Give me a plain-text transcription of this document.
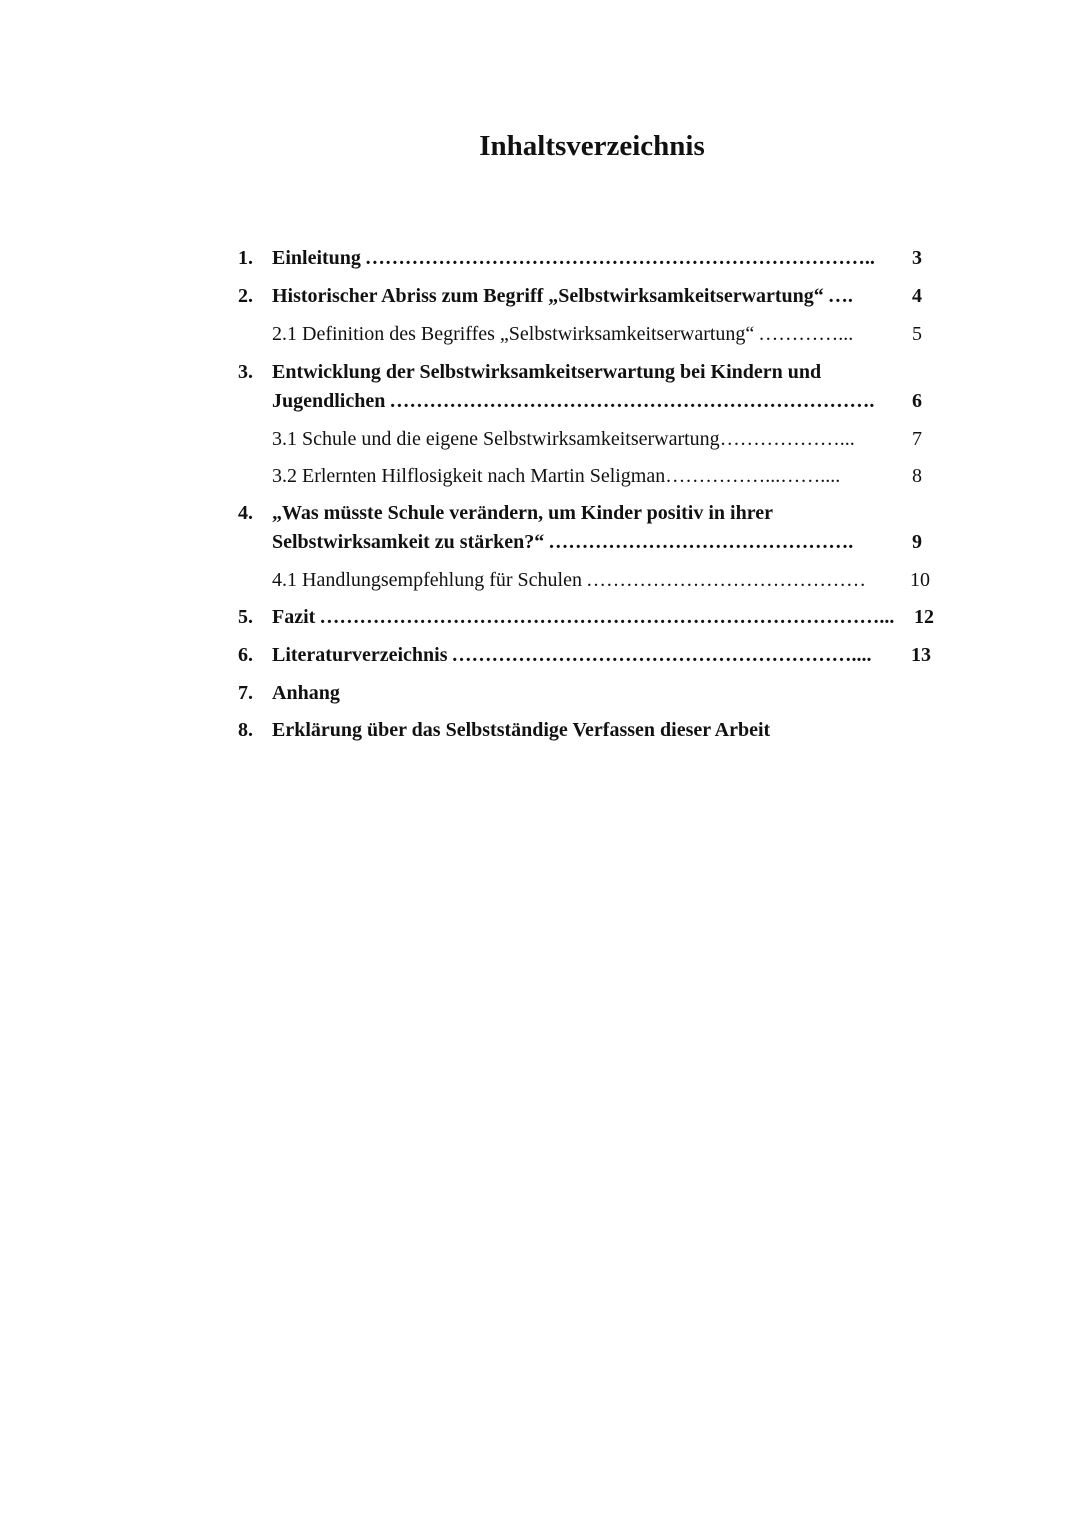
Inhaltsverzeichnis
1. Einleitung …………………………………………………………………..	3
2. Historischer Abriss zum Begriff „Selbstwirksamkeitserwartung“ ….	4
2.1 Definition des Begriffes „Selbstwirksamkeitserwartung“ …………...	5
3. Entwicklung der Selbstwirksamkeitserwartung bei Kindern und
Jugendlichen ……………………………………………………………….	6
3.1 Schule und die eigene Selbstwirksamkeitserwartung ………………...	7
3.2 Erlernten Hilflosigkeit nach Martin Seligman ……………...……....	8
4. „Was müsste Schule verändern, um Kinder positiv in ihrer
Selbstwirksamkeit zu stärken?“ ……………………………………….	9
4.1 Handlungsempfehlung für Schulen ……………………………………	10
5. Fazit …………………………………………………………………………... 12
6. Literaturverzeichnis ……………………………………………………....	13
7. Anhang
8. Erklärung über das Selbstständige Verfassen dieser Arbeit
